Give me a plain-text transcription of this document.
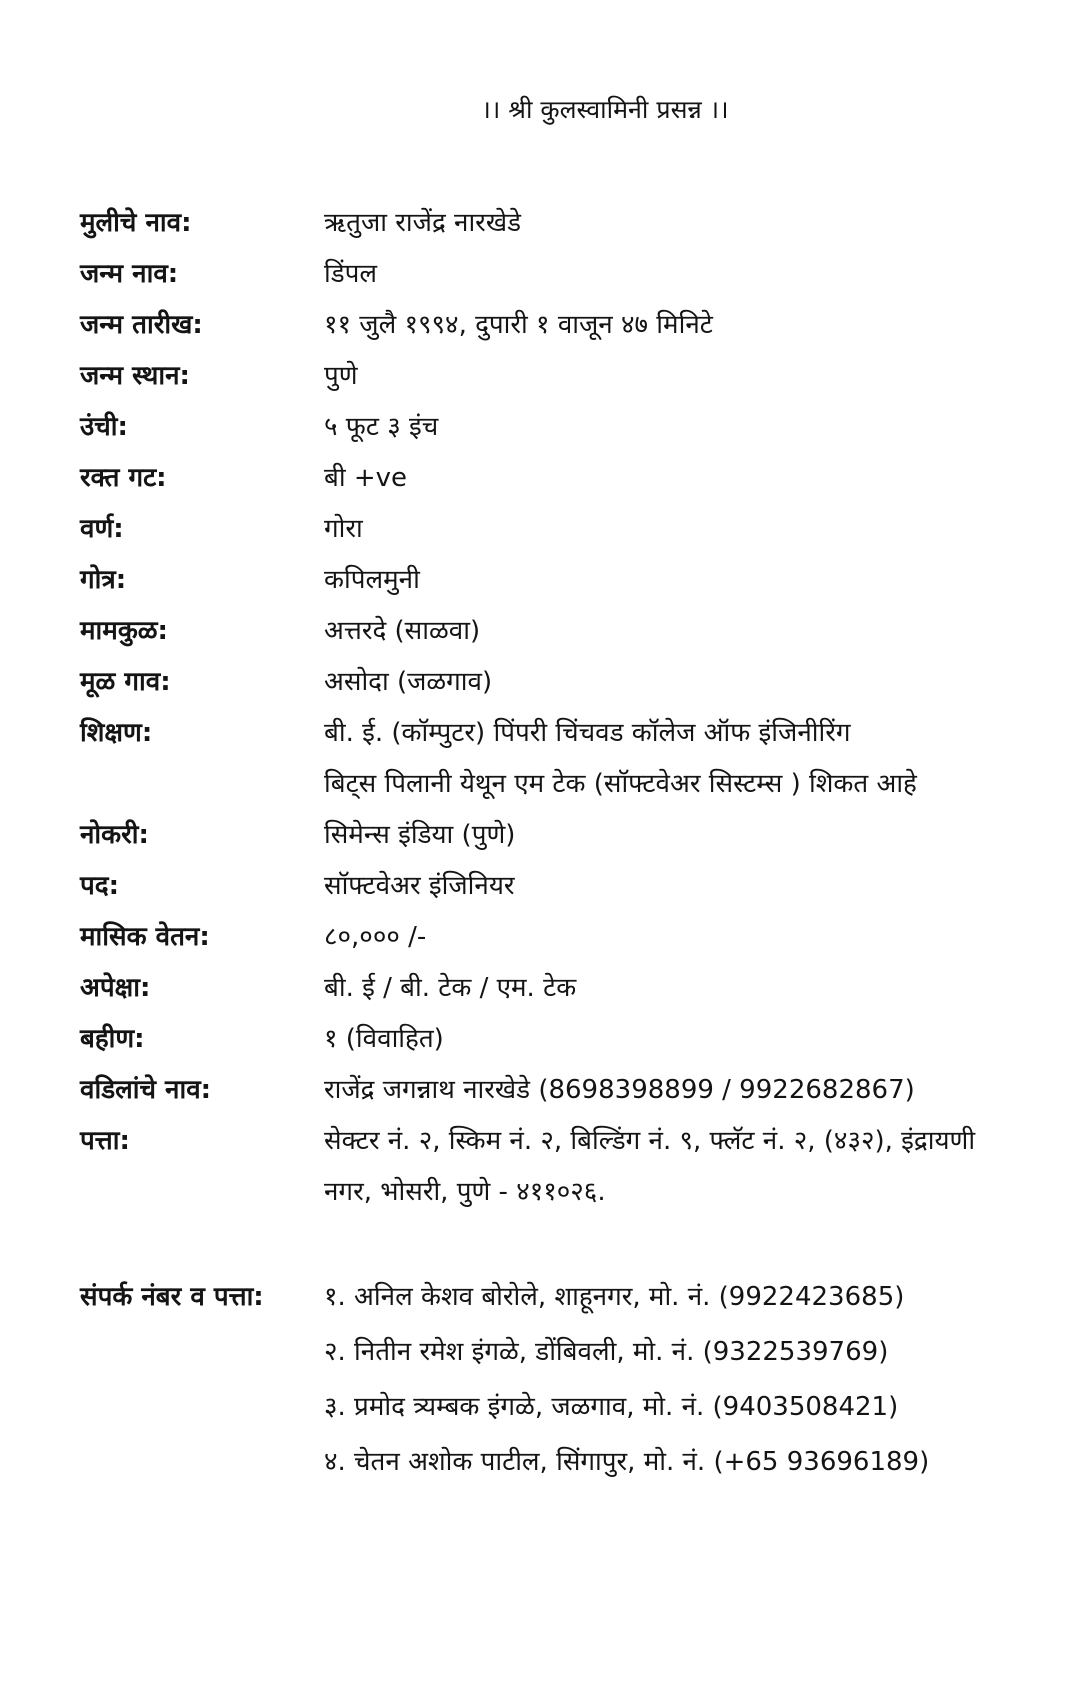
।। श्री कुलस्वामिनी प्रसन्न ।।
मुलीचे नाव:	ऋतुजा राजेंद्र नारखेडे
जन्म नाव:	डिंपल
जन्म तारीख:	११ जुलै १९९४, दुपारी १ वाजून ४७ मिनिटे
जन्म स्थान:	पुणे
उंची:	५ फूट ३ इंच
रक्त गट:	बी +ve
वर्ण:	गोरा
गोत्र:	कपिलमुनी
मामकुळ:	अत्तरदे (साळवा)
मूळ गाव:	असोदा (जळगाव)
शिक्षण:	बी. ई. (कॉम्पुटर) पिंपरी चिंचवड कॉलेज ऑफ इंजिनीरिंग
बिट्स पिलानी येथून एम टेक (सॉफ्टवेअर सिस्टम्स ) शिकत आहे
नोकरी:	सिमेन्स इंडिया (पुणे)
पद:	सॉफ्टवेअर इंजिनियर
मासिक वेतन:	८०,००० /-
अपेक्षा:	बी. ई / बी. टेक / एम. टेक
बहीण:	१ (विवाहित)
वडिलांचे नाव:	राजेंद्र जगन्नाथ नारखेडे (8698398899 / 9922682867)
पत्ता:	सेक्टर नं. २, स्किम नं. २, बिल्डिंग नं. ९, फ्लॅट नं. २, (४३२), इंद्रायणी
नगर, भोसरी, पुणे - ४११०२६.
संपर्क नंबर व पत्ता:	१. अनिल केशव बोरोले, शाहूनगर, मो. नं. (9922423685)
२. नितीन रमेश इंगळे, डोंबिवली, मो. नं. (9322539769)
३. प्रमोद त्र्यम्बक इंगळे, जळगाव, मो. नं. (9403508421)
४. चेतन अशोक पाटील, सिंगापुर, मो. नं. (+65 93696189)
